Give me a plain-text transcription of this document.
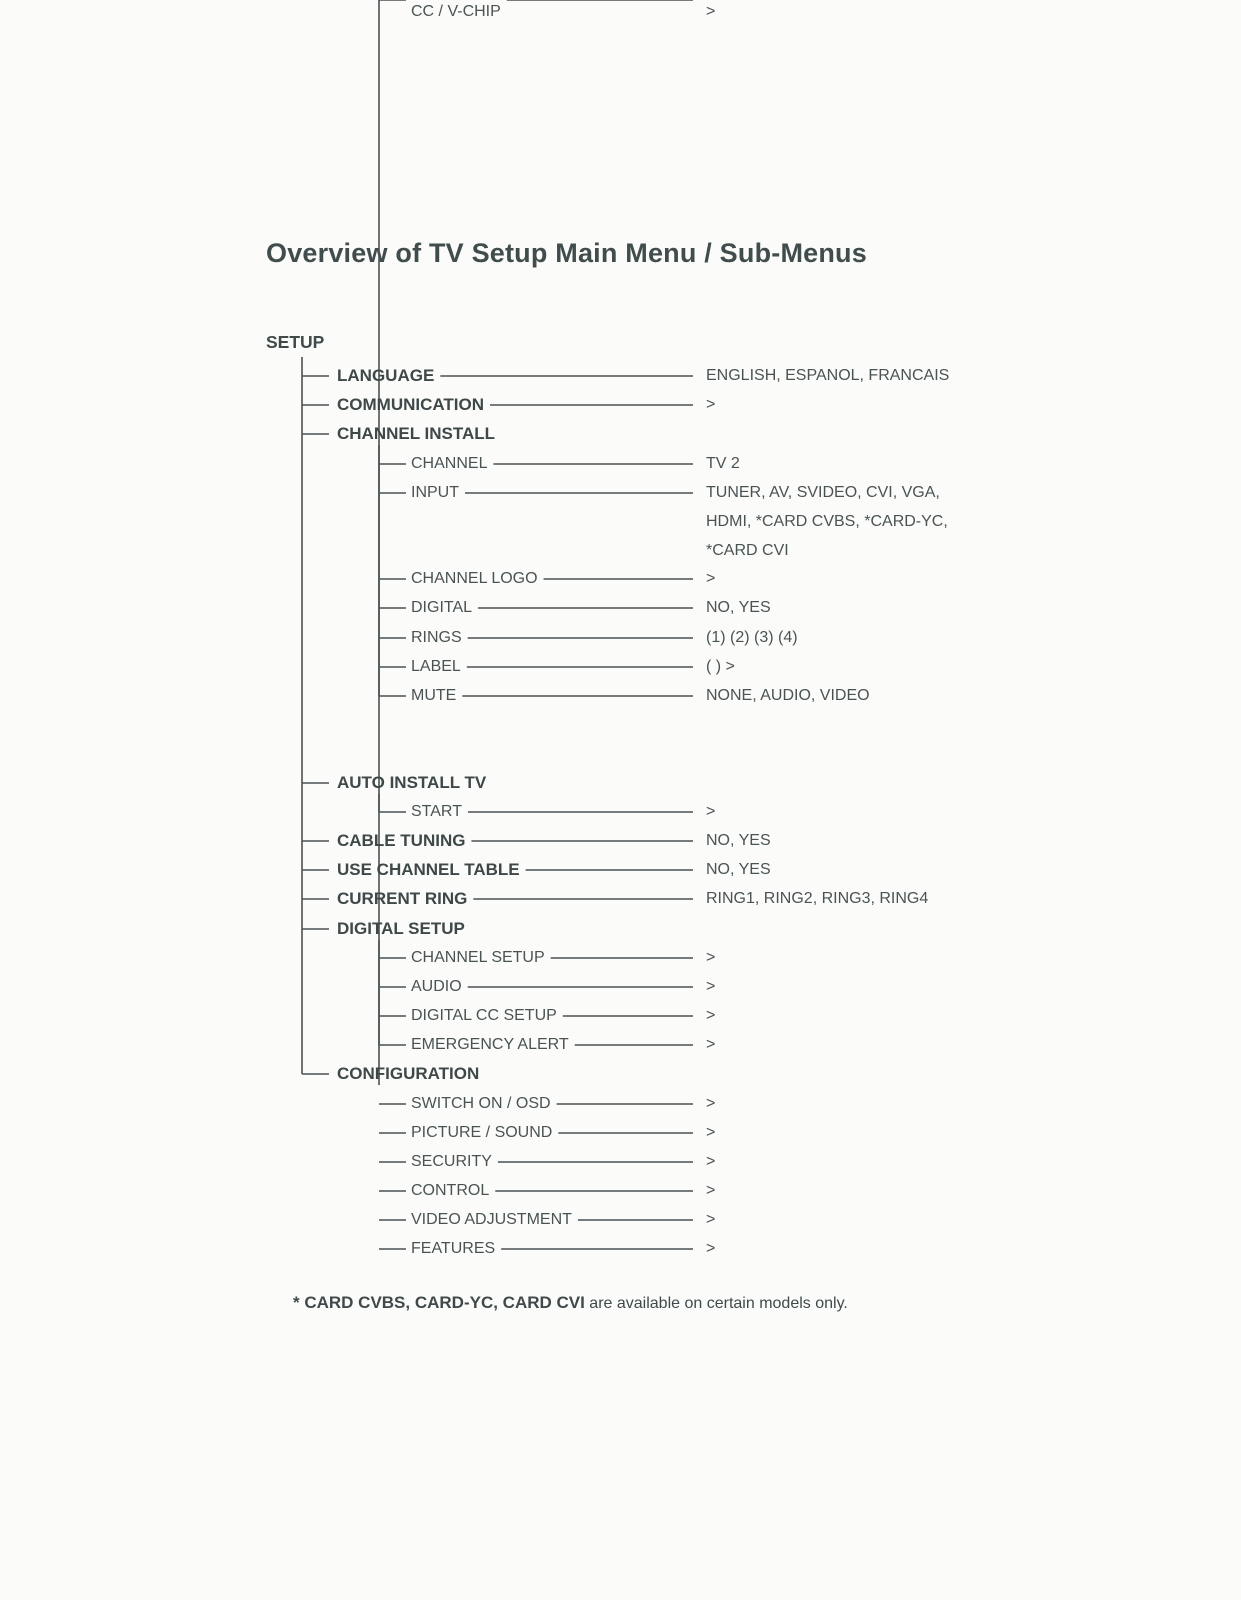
Overview of TV Setup Main Menu / Sub-Menus
SETUP
LANGUAGE	ENGLISH, ESPANOL, FRANCAIS
COMMUNICATION	>
CHANNEL INSTALL
CHANNEL	TV 2
INPUT	TUNER, AV, SVIDEO, CVI, VGA,
HDMI, *CARD CVBS, *CARD-YC,
*CARD CVI
CHANNEL LOGO	>
DIGITAL	NO, YES
RINGS	(1) (2) (3) (4)
LABEL	( ) >
MUTE	NONE, AUDIO, VIDEO
AUTO INSTALL TV
START	>
CABLE TUNING	NO, YES
USE CHANNEL TABLE	NO, YES
CURRENT RING	RING1, RING2, RING3, RING4
DIGITAL SETUP
CHANNEL SETUP	>
AUDIO	>
DIGITAL CC SETUP	>
EMERGENCY ALERT	>
CONFIGURATION
SWITCH ON / OSD	>
PICTURE / SOUND	>
SECURITY	>
CONTROL	>
VIDEO ADJUSTMENT	>
FEATURES	>
CC / V-CHIP	>
* CARD CVBS, CARD-YC, CARD CVI are available on certain models only.
